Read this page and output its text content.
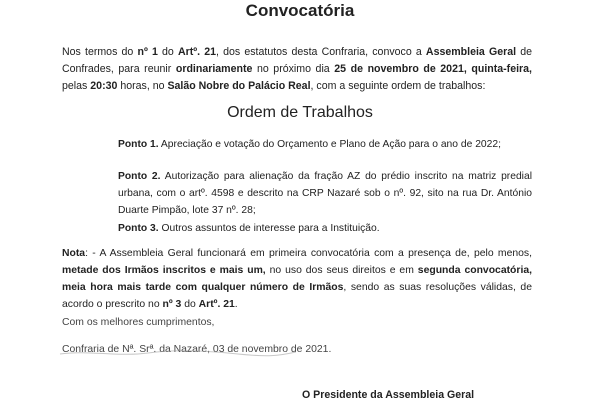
Convocatória
Nos termos do nº 1 do Artº. 21, dos estatutos desta Confraria, convoco a Assembleia Geral de Confrades, para reunir ordinariamente no próximo dia 25 de novembro de 2021, quinta-feira, pelas 20:30 horas, no Salão Nobre do Palácio Real, com a seguinte ordem de trabalhos:
Ordem de Trabalhos
Ponto 1. Apreciação e votação do Orçamento e Plano de Ação para o ano de 2022;
Ponto 2. Autorização para alienação da fração AZ do prédio inscrito na matriz predial urbana, com o artº. 4598 e descrito na CRP Nazaré sob o nº. 92, sito na rua Dr. António Duarte Pimpão, lote 37 nº. 28;
Ponto 3. Outros assuntos de interesse para a Instituição.
Nota: - A Assembleia Geral funcionará em primeira convocatória com a presença de, pelo menos, metade dos Irmãos inscritos e mais um, no uso dos seus direitos e em segunda convocatória, meia hora mais tarde com qualquer número de Irmãos, sendo as suas resoluções válidas, de acordo o prescrito no nº 3 do Artº. 21.
Com os melhores cumprimentos,
Confraria de Nª. Srª. da Nazaré, 03 de novembro de 2021.
O Presidente da Assembleia Geral
